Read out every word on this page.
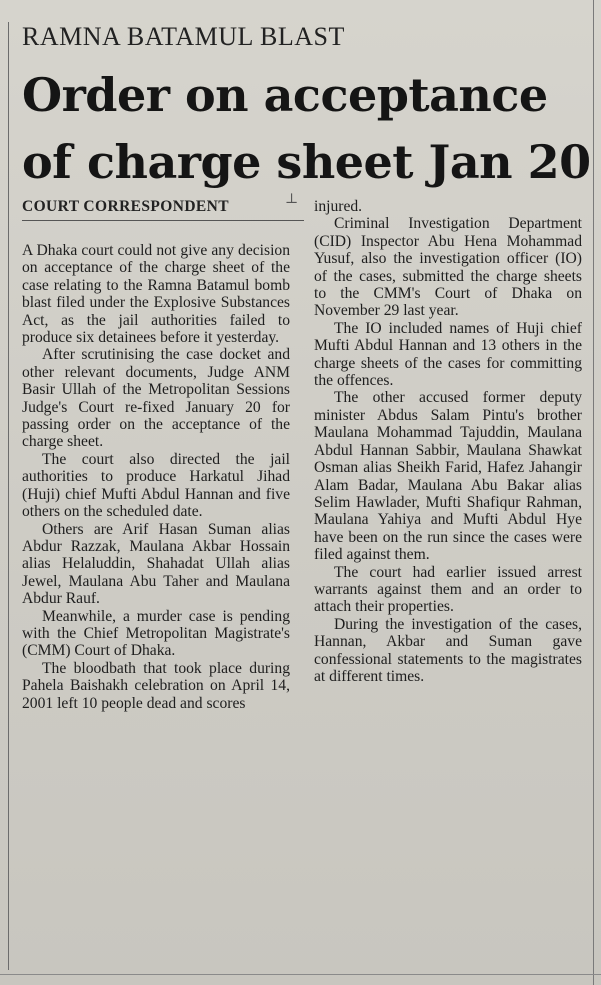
RAMNA BATAMUL BLAST
Order on acceptance of charge sheet Jan 20
COURT CORRESPONDENT	⊥

A Dhaka court could not give any decision on acceptance of the charge sheet of the case relating to the Ramna Batamul bomb blast filed under the Explosive Substances Act, as the jail authorities failed to produce six detainees before it yesterday.

After scrutinising the case docket and other relevant documents, Judge ANM Basir Ullah of the Metropolitan Sessions Judge's Court re-fixed January 20 for passing order on the acceptance of the charge sheet.

The court also directed the jail authorities to produce Harkatul Jihad (Huji) chief Mufti Abdul Hannan and five others on the scheduled date.

Others are Arif Hasan Suman alias Abdur Razzak, Maulana Akbar Hossain alias Helaluddin, Shahadat Ullah alias Jewel, Maulana Abu Taher and Maulana Abdur Rauf.

Meanwhile, a murder case is pending with the Chief Metropolitan Magistrate's (CMM) Court of Dhaka.

The bloodbath that took place during Pahela Baishakh celebration on April 14, 2001 left 10 people dead and scores

injured.

Criminal Investigation Department (CID) Inspector Abu Hena Mohammad Yusuf, also the investigation officer (IO) of the cases, submitted the charge sheets to the CMM's Court of Dhaka on November 29 last year.

The IO included names of Huji chief Mufti Abdul Hannan and 13 others in the charge sheets of the cases for committing the offences.

The other accused former deputy minister Abdus Salam Pintu's brother Maulana Mohammad Tajuddin, Maulana Abdul Hannan Sabbir, Maulana Shawkat Osman alias Sheikh Farid, Hafez Jahangir Alam Badar, Maulana Abu Bakar alias Selim Hawlader, Mufti Shafiqur Rahman, Maulana Yahiya and Mufti Abdul Hye have been on the run since the cases were filed against them.

The court had earlier issued arrest warrants against them and an order to attach their properties.

During the investigation of the cases, Hannan, Akbar and Suman gave confessional statements to the magistrates at different times.
